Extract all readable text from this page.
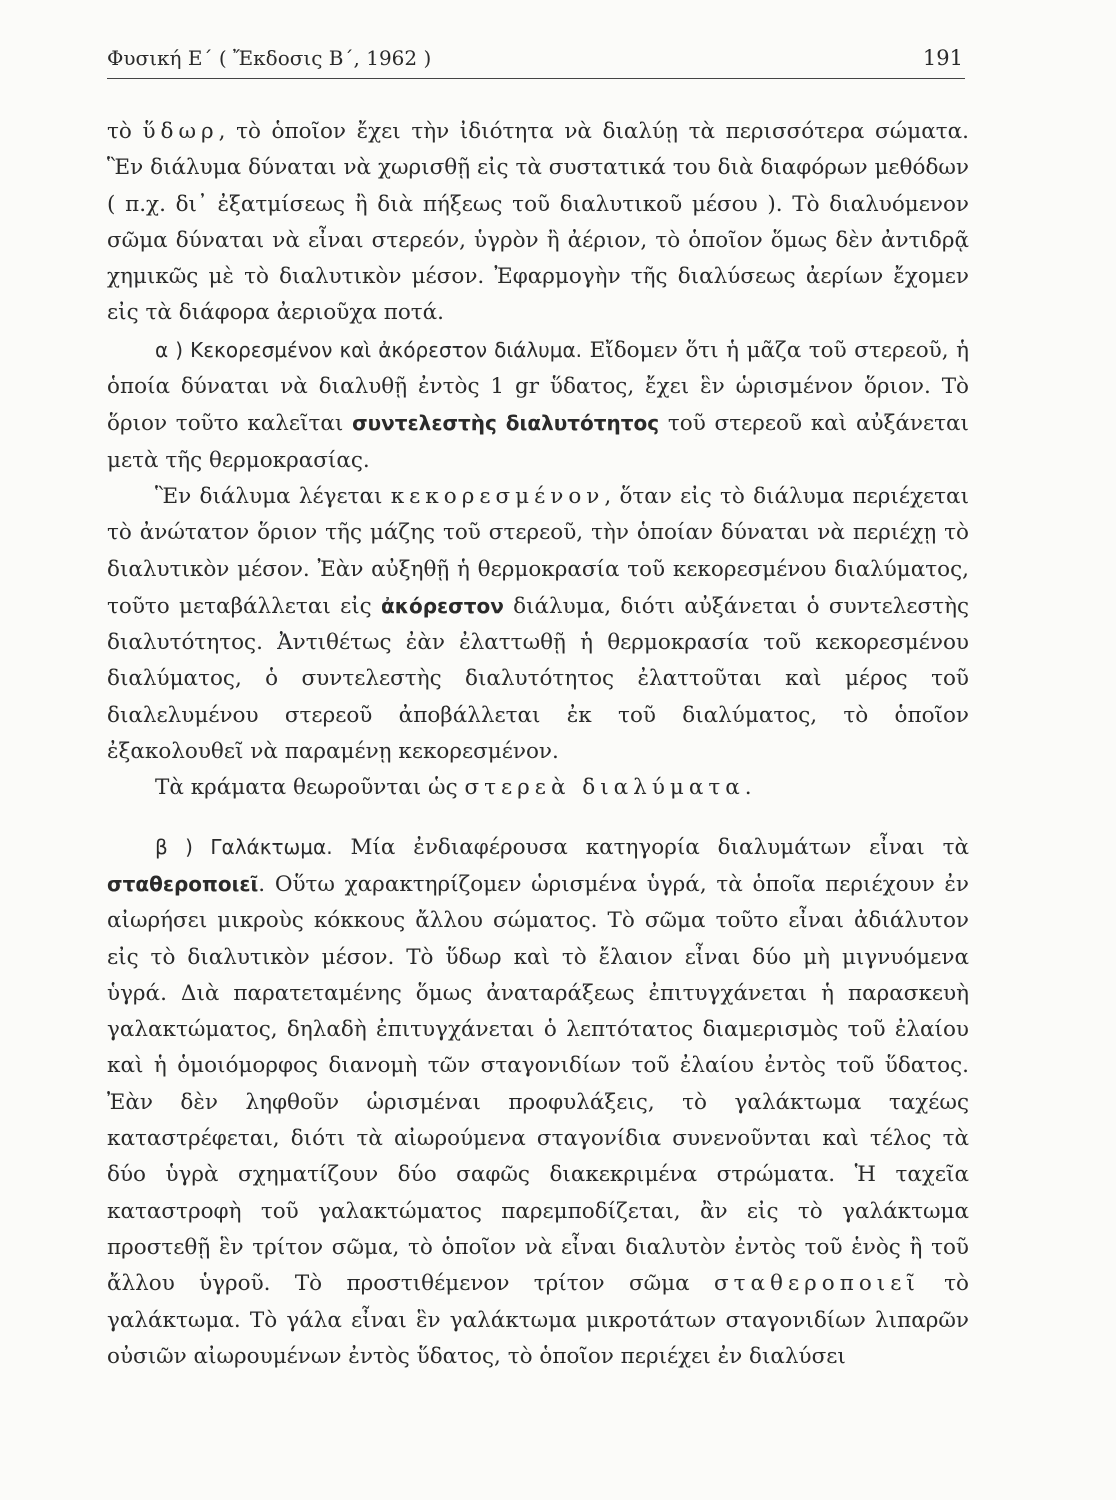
Φυσική Ε΄ ( Ἔκδοσις Β΄, 1962 )	191

τὸ ὕδωρ, τὸ ὁποῖον ἔχει τὴν ἰδιότητα νὰ διαλύῃ τὰ περισσότερα σώματα. Ἓν διάλυμα δύναται νὰ χωρισθῇ εἰς τὰ συστατικά του διὰ διαφόρων μεθόδων ( π.χ. δι᾽ ἐξατμίσεως ἢ διὰ πήξεως τοῦ διαλυτικοῦ μέσου ). Τὸ διαλυόμενον σῶμα δύναται νὰ εἶναι στερεόν, ὑγρὸν ἢ ἀέριον, τὸ ὁποῖον ὅμως δὲν ἀντιδρᾷ χημικῶς μὲ τὸ διαλυτικὸν μέσον. Ἐφαρμογὴν τῆς διαλύσεως ἀερίων ἔχομεν εἰς τὰ διάφορα ἀεριοῦχα ποτά.

α ) Κεκορεσμένον καὶ ἀκόρεστον διάλυμα. Εἴδομεν ὅτι ἡ μᾶζα τοῦ στερεοῦ, ἡ ὁποία δύναται νὰ διαλυθῇ ἐντὸς 1 gr ὕδατος, ἔχει ἓν ὡρισμένον ὅριον. Τὸ ὅριον τοῦτο καλεῖται συντελεστὴς διαλυτότητος τοῦ στερεοῦ καὶ αὐξάνεται μετὰ τῆς θερμοκρασίας.

Ἓν διάλυμα λέγεται κεκορεσμένον, ὅταν εἰς τὸ διάλυμα περιέχεται τὸ ἀνώτατον ὅριον τῆς μάζης τοῦ στερεοῦ, τὴν ὁποίαν δύναται νὰ περιέχῃ τὸ διαλυτικὸν μέσον. Ἐὰν αὐξηθῇ ἡ θερμοκρασία τοῦ κεκορεσμένου διαλύματος, τοῦτο μεταβάλλεται εἰς ἀκόρεστον διάλυμα, διότι αὐξάνεται ὁ συντελεστὴς διαλυτότητος. Ἀντιθέτως ἐὰν ἐλαττωθῇ ἡ θερμοκρασία τοῦ κεκορεσμένου διαλύματος, ὁ συντελεστὴς διαλυτότητος ἐλαττοῦται καὶ μέρος τοῦ διαλελυμένου στερεοῦ ἀποβάλλεται ἐκ τοῦ διαλύματος, τὸ ὁποῖον ἐξακολουθεῖ νὰ παραμένῃ κεκορεσμένον.

Τὰ κράματα θεωροῦνται ὡς στερεὰ διαλύματα.

β ) Γαλάκτωμα. Μία ἐνδιαφέρουσα κατηγορία διαλυμάτων εἶναι τὰ σταθεροποιεῖ. Οὕτω χαρακτηρίζομεν ὡρισμένα ὑγρά, τὰ ὁποῖα περιέχουν ἐν αἰωρήσει μικροὺς κόκκους ἄλλου σώματος. Τὸ σῶμα τοῦτο εἶναι ἀδιάλυτον εἰς τὸ διαλυτικὸν μέσον. Τὸ ὕδωρ καὶ τὸ ἔλαιον εἶναι δύο μὴ μιγνυόμενα ὑγρά. Διὰ παρατεταμένης ὅμως ἀναταράξεως ἐπιτυγχάνεται ἡ παρασκευὴ γαλακτώματος, δηλαδὴ ἐπιτυγχάνεται ὁ λεπτότατος διαμερισμὸς τοῦ ἐλαίου καὶ ἡ ὁμοιόμορφος διανομὴ τῶν σταγονιδίων τοῦ ἐλαίου ἐντὸς τοῦ ὕδατος. Ἐὰν δὲν ληφθοῦν ὡρισμέναι προφυλάξεις, τὸ γαλάκτωμα ταχέως καταστρέφεται, διότι τὰ αἰωρούμενα σταγονίδια συνενοῦνται καὶ τέλος τὰ δύο ὑγρὰ σχηματίζουν δύο σαφῶς διακεκριμένα στρώματα. Ἡ ταχεῖα καταστροφὴ τοῦ γαλακτώματος παρεμποδίζεται, ἂν εἰς τὸ γαλάκτωμα προστεθῇ ἓν τρίτον σῶμα, τὸ ὁποῖον νὰ εἶναι διαλυτὸν ἐντὸς τοῦ ἑνὸς ἢ τοῦ ἄλλου ὑγροῦ. Τὸ προστιθέμενον τρίτον σῶμα σταθεροποιεῖ τὸ γαλάκτωμα. Τὸ γάλα εἶναι ἓν γαλάκτωμα μικροτάτων σταγονιδίων λιπαρῶν οὐσιῶν αἰωρουμένων ἐντὸς ὕδατος, τὸ ὁποῖον περιέχει ἐν διαλύσει
